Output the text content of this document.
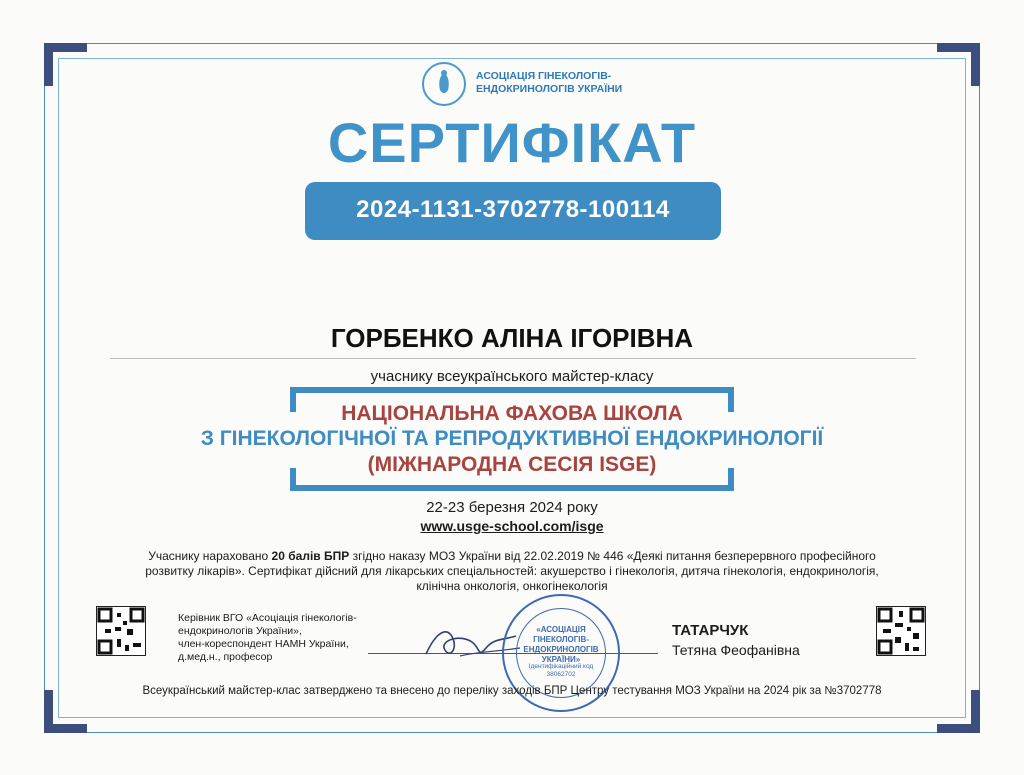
АСОЦІАЦІЯ ГІНЕКОЛОГІВ-
ЕНДОКРИНОЛОГІВ УКРАЇНИ
СЕРТИФІКАТ
2024-1131-3702778-100114
ГОРБЕНКО АЛІНА ІГОРІВНА
учаснику всеукраїнського майстер-класу
НАЦІОНАЛЬНА ФАХОВА ШКОЛА
З ГІНЕКОЛОГІЧНОЇ ТА РЕПРОДУКТИВНОЇ ЕНДОКРИНОЛОГІЇ
(МІЖНАРОДНА СЕСІЯ ISGE)
22-23 березня 2024 року
www.usge-school.com/isge
Учаснику нараховано 20 балів БПР згідно наказу МОЗ України від 22.02.2019 № 446 «Деякі питання безперервного професійного розвитку лікарів». Сертифікат дійсний для лікарських спеціальностей: акушерство і гінекологія, дитяча гінекологія, ендокринологія, клінічна онкологія, онкогінекологія
Керівник ВГО «Асоціація гінекологів-
ендокринологів України»,
член-кореспондент НАМН України,
д.мед.н., професор
«АСОЦІАЦІЯ
ГІНЕКОЛОГІВ-
ЕНДОКРИНОЛОГІВ
УКРАЇНИ»
Ідентифікаційний код
38062702
ТАТАРЧУК
Тетяна Феофанівна
Всеукраїнський майстер-клас затверджено та внесено до переліку заходів БПР Центру тестування МОЗ України на 2024 рік за №3702778
